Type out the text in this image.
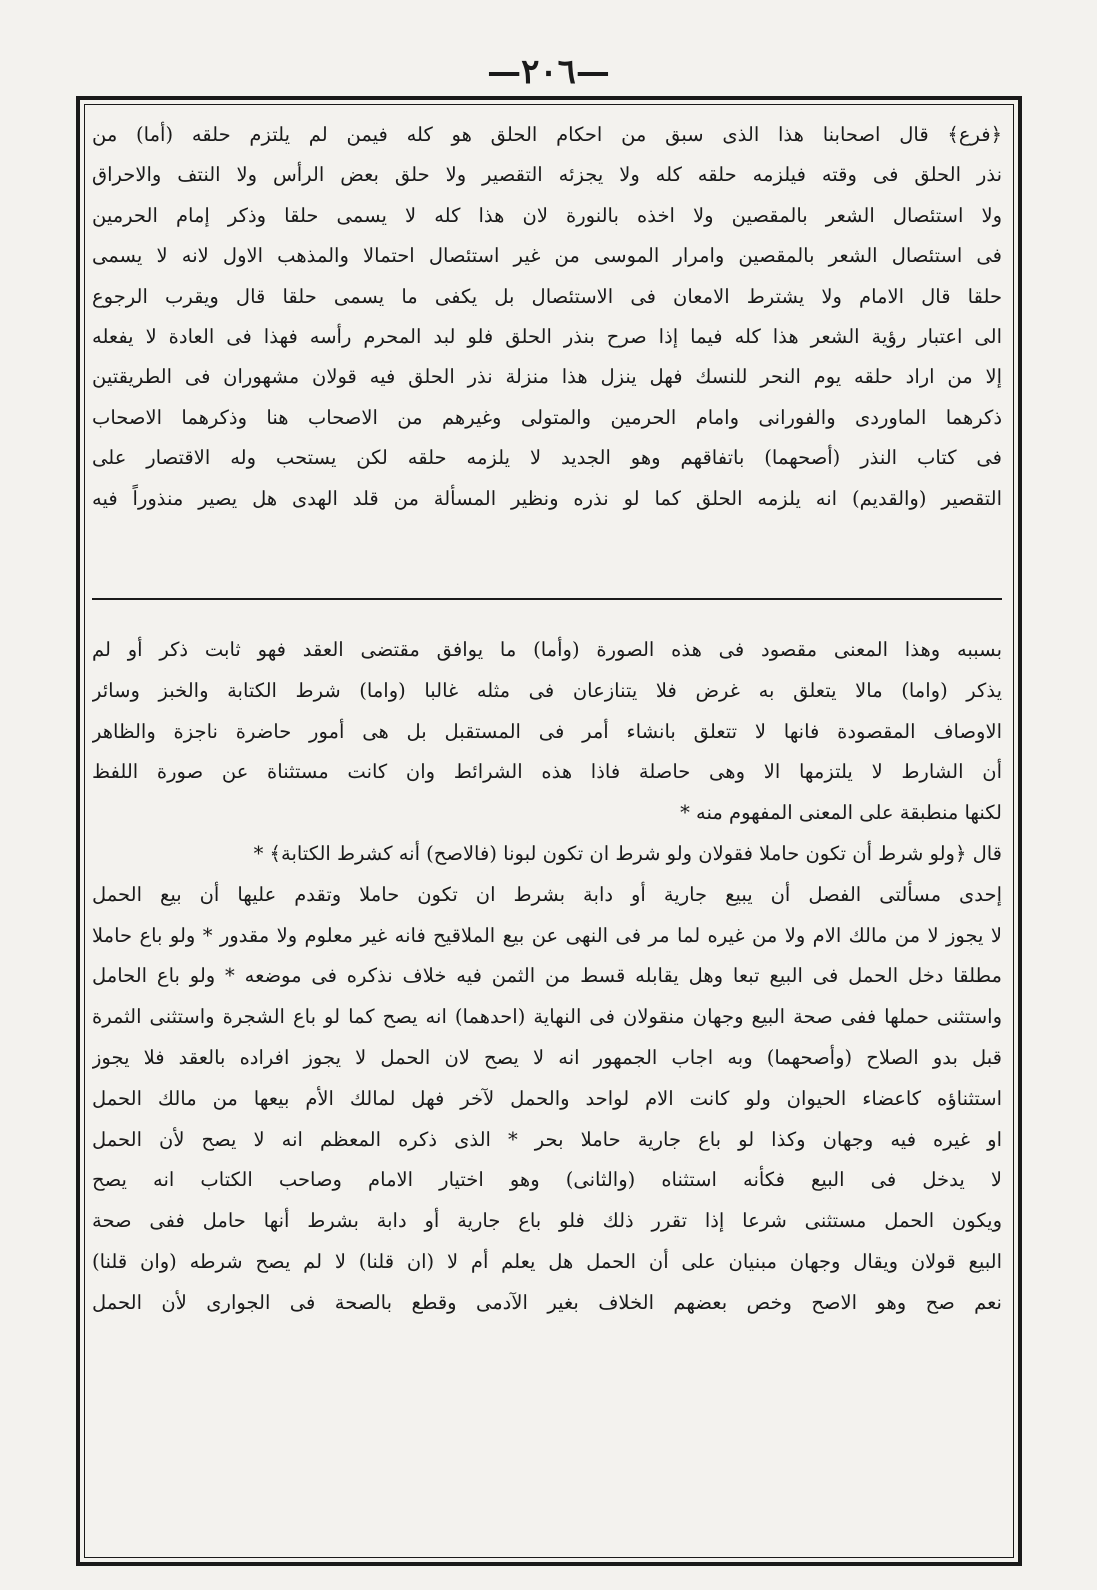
—٢٠٦—
﴿فرع﴾ قال اصحابنا هذا الذى سبق من احكام الحلق هو كله فيمن لم يلتزم حلقه (أما) من
نذر الحلق فى وقته فيلزمه حلقه كله ولا يجزئه التقصير ولا حلق بعض الرأس ولا النتف والاحراق
ولا استئصال الشعر بالمقصين ولا اخذه بالنورة لان هذا كله لا يسمى حلقا وذكر إمام الحرمين
فى استئصال الشعر بالمقصين وامرار الموسى من غير استئصال احتمالا والمذهب الاول لانه لا يسمى
حلقا قال الامام ولا يشترط الامعان فى الاستئصال بل يكفى ما يسمى حلقا قال ويقرب الرجوع
الى اعتبار رؤية الشعر هذا كله فيما إذا صرح بنذر الحلق فلو لبد المحرم رأسه فهذا فى العادة لا يفعله
إلا من اراد حلقه يوم النحر للنسك فهل ينزل هذا منزلة نذر الحلق فيه قولان مشهوران فى الطريقتين
ذكرهما الماوردى والفورانى وامام الحرمين والمتولى وغيرهم من الاصحاب هنا وذكرهما الاصحاب
فى كتاب النذر (أصحهما) باتفاقهم وهو الجديد لا يلزمه حلقه لكن يستحب وله الاقتصار على
التقصير (والقديم) انه يلزمه الحلق كما لو نذره ونظير المسألة من قلد الهدى هل يصير منذوراً فيه
بسببه وهذا المعنى مقصود فى هذه الصورة (وأما) ما يوافق مقتضى العقد فهو ثابت ذكر أو لم
يذكر (واما) مالا يتعلق به غرض فلا يتنازعان فى مثله غالبا (واما) شرط الكتابة والخبز وسائر
الاوصاف المقصودة فانها لا تتعلق بانشاء أمر فى المستقبل بل هى أمور حاضرة ناجزة والظاهر
أن الشارط لا يلتزمها الا وهى حاصلة فاذا هذه الشرائط وان كانت مستثناة عن صورة اللفظ
لكنها منطبقة على المعنى المفهوم منه *
قال ﴿ولو شرط أن تكون حاملا فقولان ولو شرط ان تكون لبونا (فالاصح) أنه كشرط الكتابة﴾ *
إحدى مسألتى الفصل أن يبيع جارية أو دابة بشرط ان تكون حاملا وتقدم عليها أن بيع الحمل
لا يجوز لا من مالك الام ولا من غيره لما مر فى النهى عن بيع الملاقيح فانه غير معلوم ولا مقدور * ولو باع حاملا
مطلقا دخل الحمل فى البيع تبعا وهل يقابله قسط من الثمن فيه خلاف نذكره فى موضعه * ولو باع الحامل
واستثنى حملها ففى صحة البيع وجهان منقولان فى النهاية (احدهما) انه يصح كما لو باع الشجرة واستثنى الثمرة
قبل بدو الصلاح (وأصحهما) وبه اجاب الجمهور انه لا يصح لان الحمل لا يجوز افراده بالعقد فلا يجوز
استثناؤه كاعضاء الحيوان ولو كانت الام لواحد والحمل لآخر فهل لمالك الأم بيعها من مالك الحمل
او غيره فيه وجهان وكذا لو باع جارية حاملا بحر * الذى ذكره المعظم انه لا يصح لأن الحمل
لا يدخل فى البيع فكأنه استثناه (والثانى) وهو اختيار الامام وصاحب الكتاب انه يصح
ويكون الحمل مستثنى شرعا إذا تقرر ذلك فلو باع جارية أو دابة بشرط أنها حامل ففى صحة
البيع قولان ويقال وجهان مبنيان على أن الحمل هل يعلم أم لا (ان قلنا) لا لم يصح شرطه (وان قلنا)
نعم صح وهو الاصح وخص بعضهم الخلاف بغير الآدمى وقطع بالصحة فى الجوارى لأن الحمل
